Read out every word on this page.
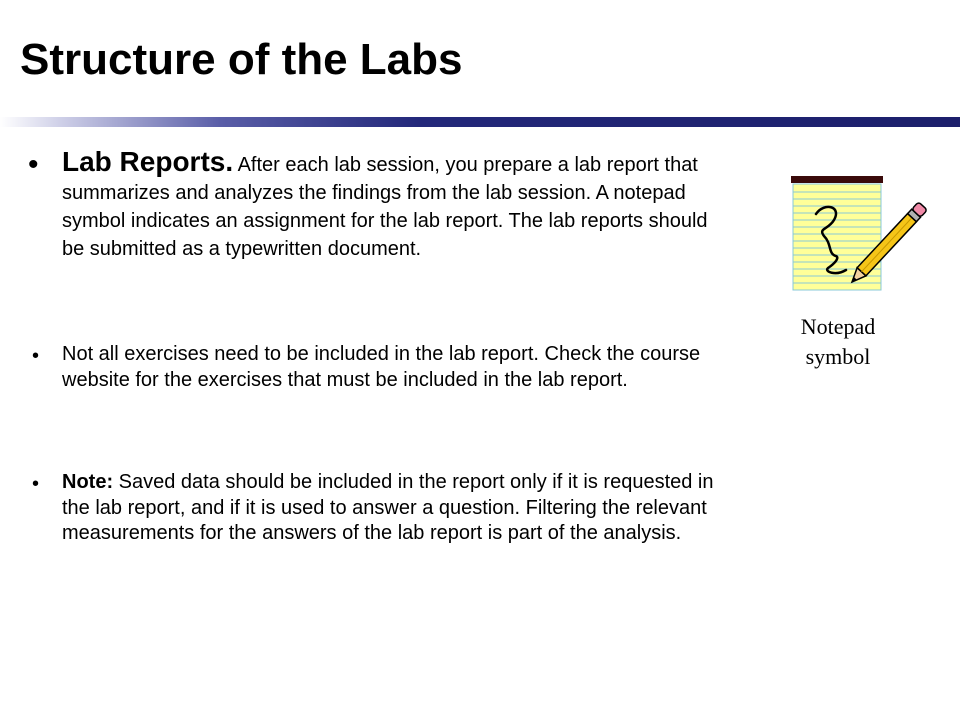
Structure of the Labs
• Lab Reports. After each lab session, you prepare a lab report that summarizes and analyzes the findings from the lab session. A notepad symbol indicates an assignment for the lab report. The lab reports should be submitted as a typewritten document.
• Not all exercises need to be included in the lab report. Check the course website for the exercises that must be included in the lab report.
• Note: Saved data should be included in the report only if it is requested in the lab report, and if it is used to answer a question. Filtering the relevant measurements for the answers of the lab report is part of the analysis.
Notepad symbol
